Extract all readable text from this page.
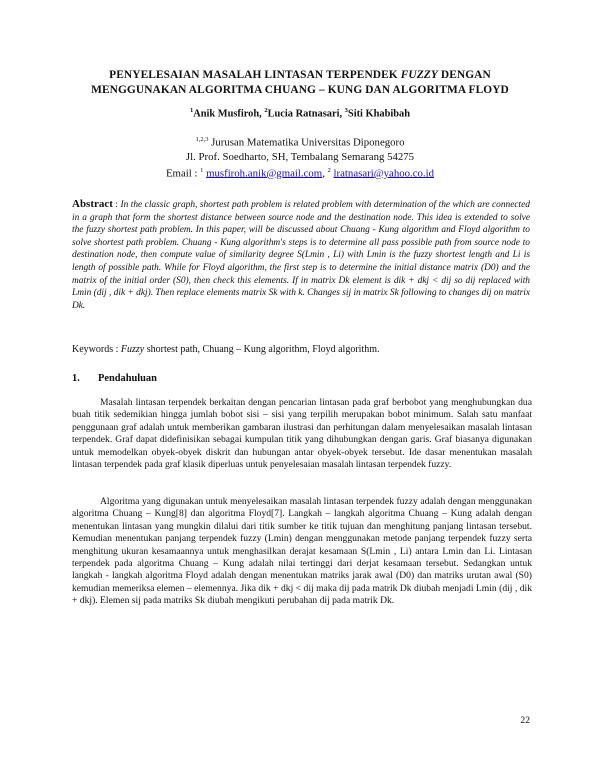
PENYELESAIAN MASALAH LINTASAN TERPENDEK FUZZY DENGAN
MENGGUNAKAN ALGORITMA CHUANG – KUNG DAN ALGORITMA FLOYD
$^1$Anik Musfiroh, $^2$Lucia Ratnasari, $^3$Siti Khabibah
$^{1,2,3}$ Jurusan Matematika Universitas Diponegoro
Jl. Prof. Soedharto, SH, Tembalang Semarang 54275
Email : $^1$ musfiroh.anik@gmail.com, $^2$ lratnasari@yahoo.co.id
Abstract : In the classic graph, shortest path problem is related problem with determination of the which are connected in a graph that form the shortest distance between source node and the destination node. This idea is extended to solve the fuzzy shortest path problem. In this paper, will be discussed about Chuang - Kung algorithm and Floyd algorithm to solve shortest path problem. Chuang - Kung algorithm's steps is to determine all pass possible path from source node to destination node, then compute value of similarity degree S(Lmin , Li) with Lmin is the fuzzy shortest length and Li is length of possible path. While for Floyd algorithm, the first step is to determine the initial distance matrix (D0) and the matrix of the initial order (S0), then check this elements. If in matrix Dk element is dik + dkj < dij so dij replaced with Lmin (dij , dik + dkj). Then replace elements matrix Sk with k. Changes sij in matrix Sk following to changes dij on matrix Dk.
Keywords : Fuzzy shortest path, Chuang – Kung algorithm, Floyd algorithm.
1. Pendahuluan
Masalah lintasan terpendek berkaitan dengan pencarian lintasan pada graf berbobot yang menghubungkan dua buah titik sedemikian hingga jumlah bobot sisi – sisi yang terpilih merupakan bobot minimum. Salah satu manfaat penggunaan graf adalah untuk memberikan gambaran ilustrasi dan perhitungan dalam menyelesaikan masalah lintasan terpendek. Graf dapat didefinisikan sebagai kumpulan titik yang dihubungkan dengan garis. Graf biasanya digunakan untuk memodelkan obyek-obyek diskrit dan hubungan antar obyek-obyek tersebut. Ide dasar menentukan masalah lintasan terpendek pada graf klasik diperluas untuk penyelesaian masalah lintasan terpendek fuzzy.
Algoritma yang digunakan untuk menyelesaikan masalah lintasan terpendek fuzzy adalah dengan menggunakan algoritma Chuang – Kung[8] dan algoritma Floyd[7]. Langkah – langkah algoritma Chuang – Kung adalah dengan menentukan lintasan yang mungkin dilalui dari titik sumber ke titik tujuan dan menghitung panjang lintasan tersebut. Kemudian menentukan panjang terpendek fuzzy (Lmin) dengan menggunakan metode panjang terpendek fuzzy serta menghitung ukuran kesamaannya untuk menghasilkan derajat kesamaan S(Lmin , Li) antara Lmin dan Li. Lintasan terpendek pada algoritma Chuang – Kung adalah nilai tertinggi dari derjat kesamaan tersebut. Sedangkan untuk langkah - langkah algoritma Floyd adalah dengan menentukan matriks jarak awal (D0) dan matriks urutan awal (S0) kemudian memeriksa elemen – elemennya. Jika dik + dkj < dij maka dij pada matrik Dk diubah menjadi Lmin (dij , dik + dkj). Elemen sij pada matriks Sk diubah mengikuti perubahan dij pada matrik Dk.
22
